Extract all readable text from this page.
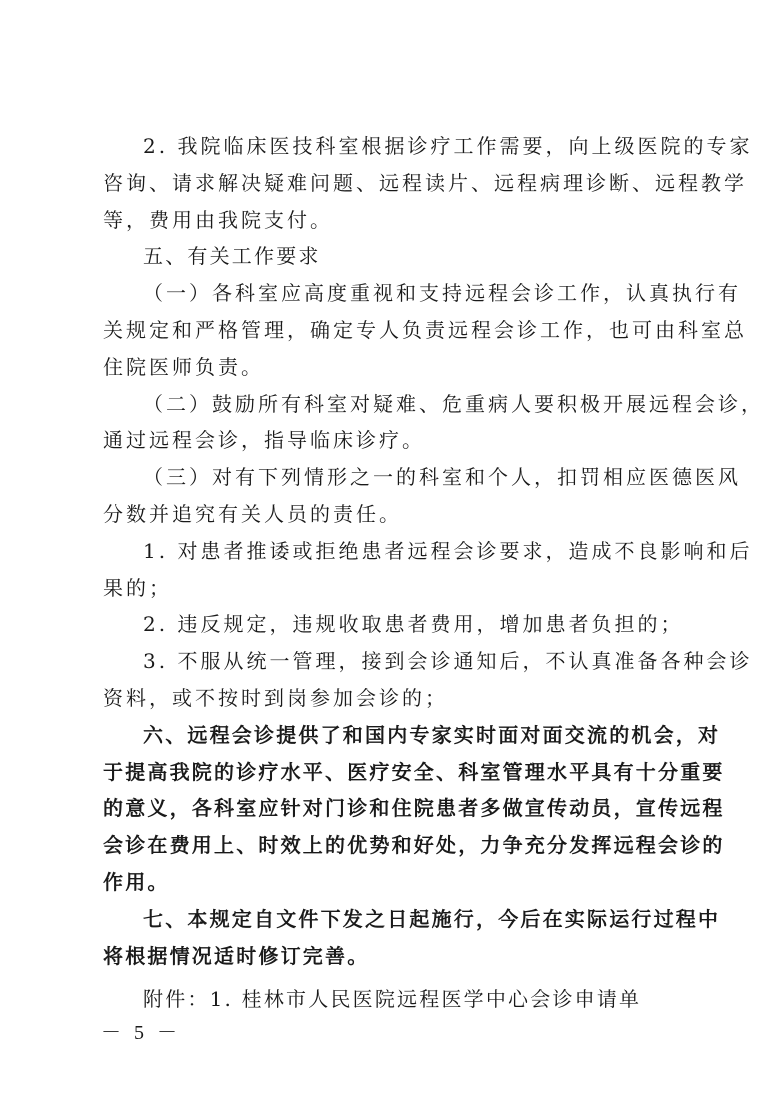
2. 我院临床医技科室根据诊疗工作需要，向上级医院的专家
咨询、请求解决疑难问题、远程读片、远程病理诊断、远程教学
等，费用由我院支付。
五、有关工作要求
（一）各科室应高度重视和支持远程会诊工作，认真执行有
关规定和严格管理，确定专人负责远程会诊工作，也可由科室总
住院医师负责。
（二）鼓励所有科室对疑难、危重病人要积极开展远程会诊，
通过远程会诊，指导临床诊疗。
（三）对有下列情形之一的科室和个人，扣罚相应医德医风
分数并追究有关人员的责任。
1. 对患者推诿或拒绝患者远程会诊要求，造成不良影响和后
果的；
2. 违反规定，违规收取患者费用，增加患者负担的；
3. 不服从统一管理，接到会诊通知后，不认真准备各种会诊
资料，或不按时到岗参加会诊的；
六、远程会诊提供了和国内专家实时面对面交流的机会，对
于提高我院的诊疗水平、医疗安全、科室管理水平具有十分重要
的意义，各科室应针对门诊和住院患者多做宣传动员，宣传远程
会诊在费用上、时效上的优势和好处，力争充分发挥远程会诊的
作用。
七、本规定自文件下发之日起施行，今后在实际运行过程中
将根据情况适时修订完善。
附件：1. 桂林市人民医院远程医学中心会诊申请单
－ 5 －
